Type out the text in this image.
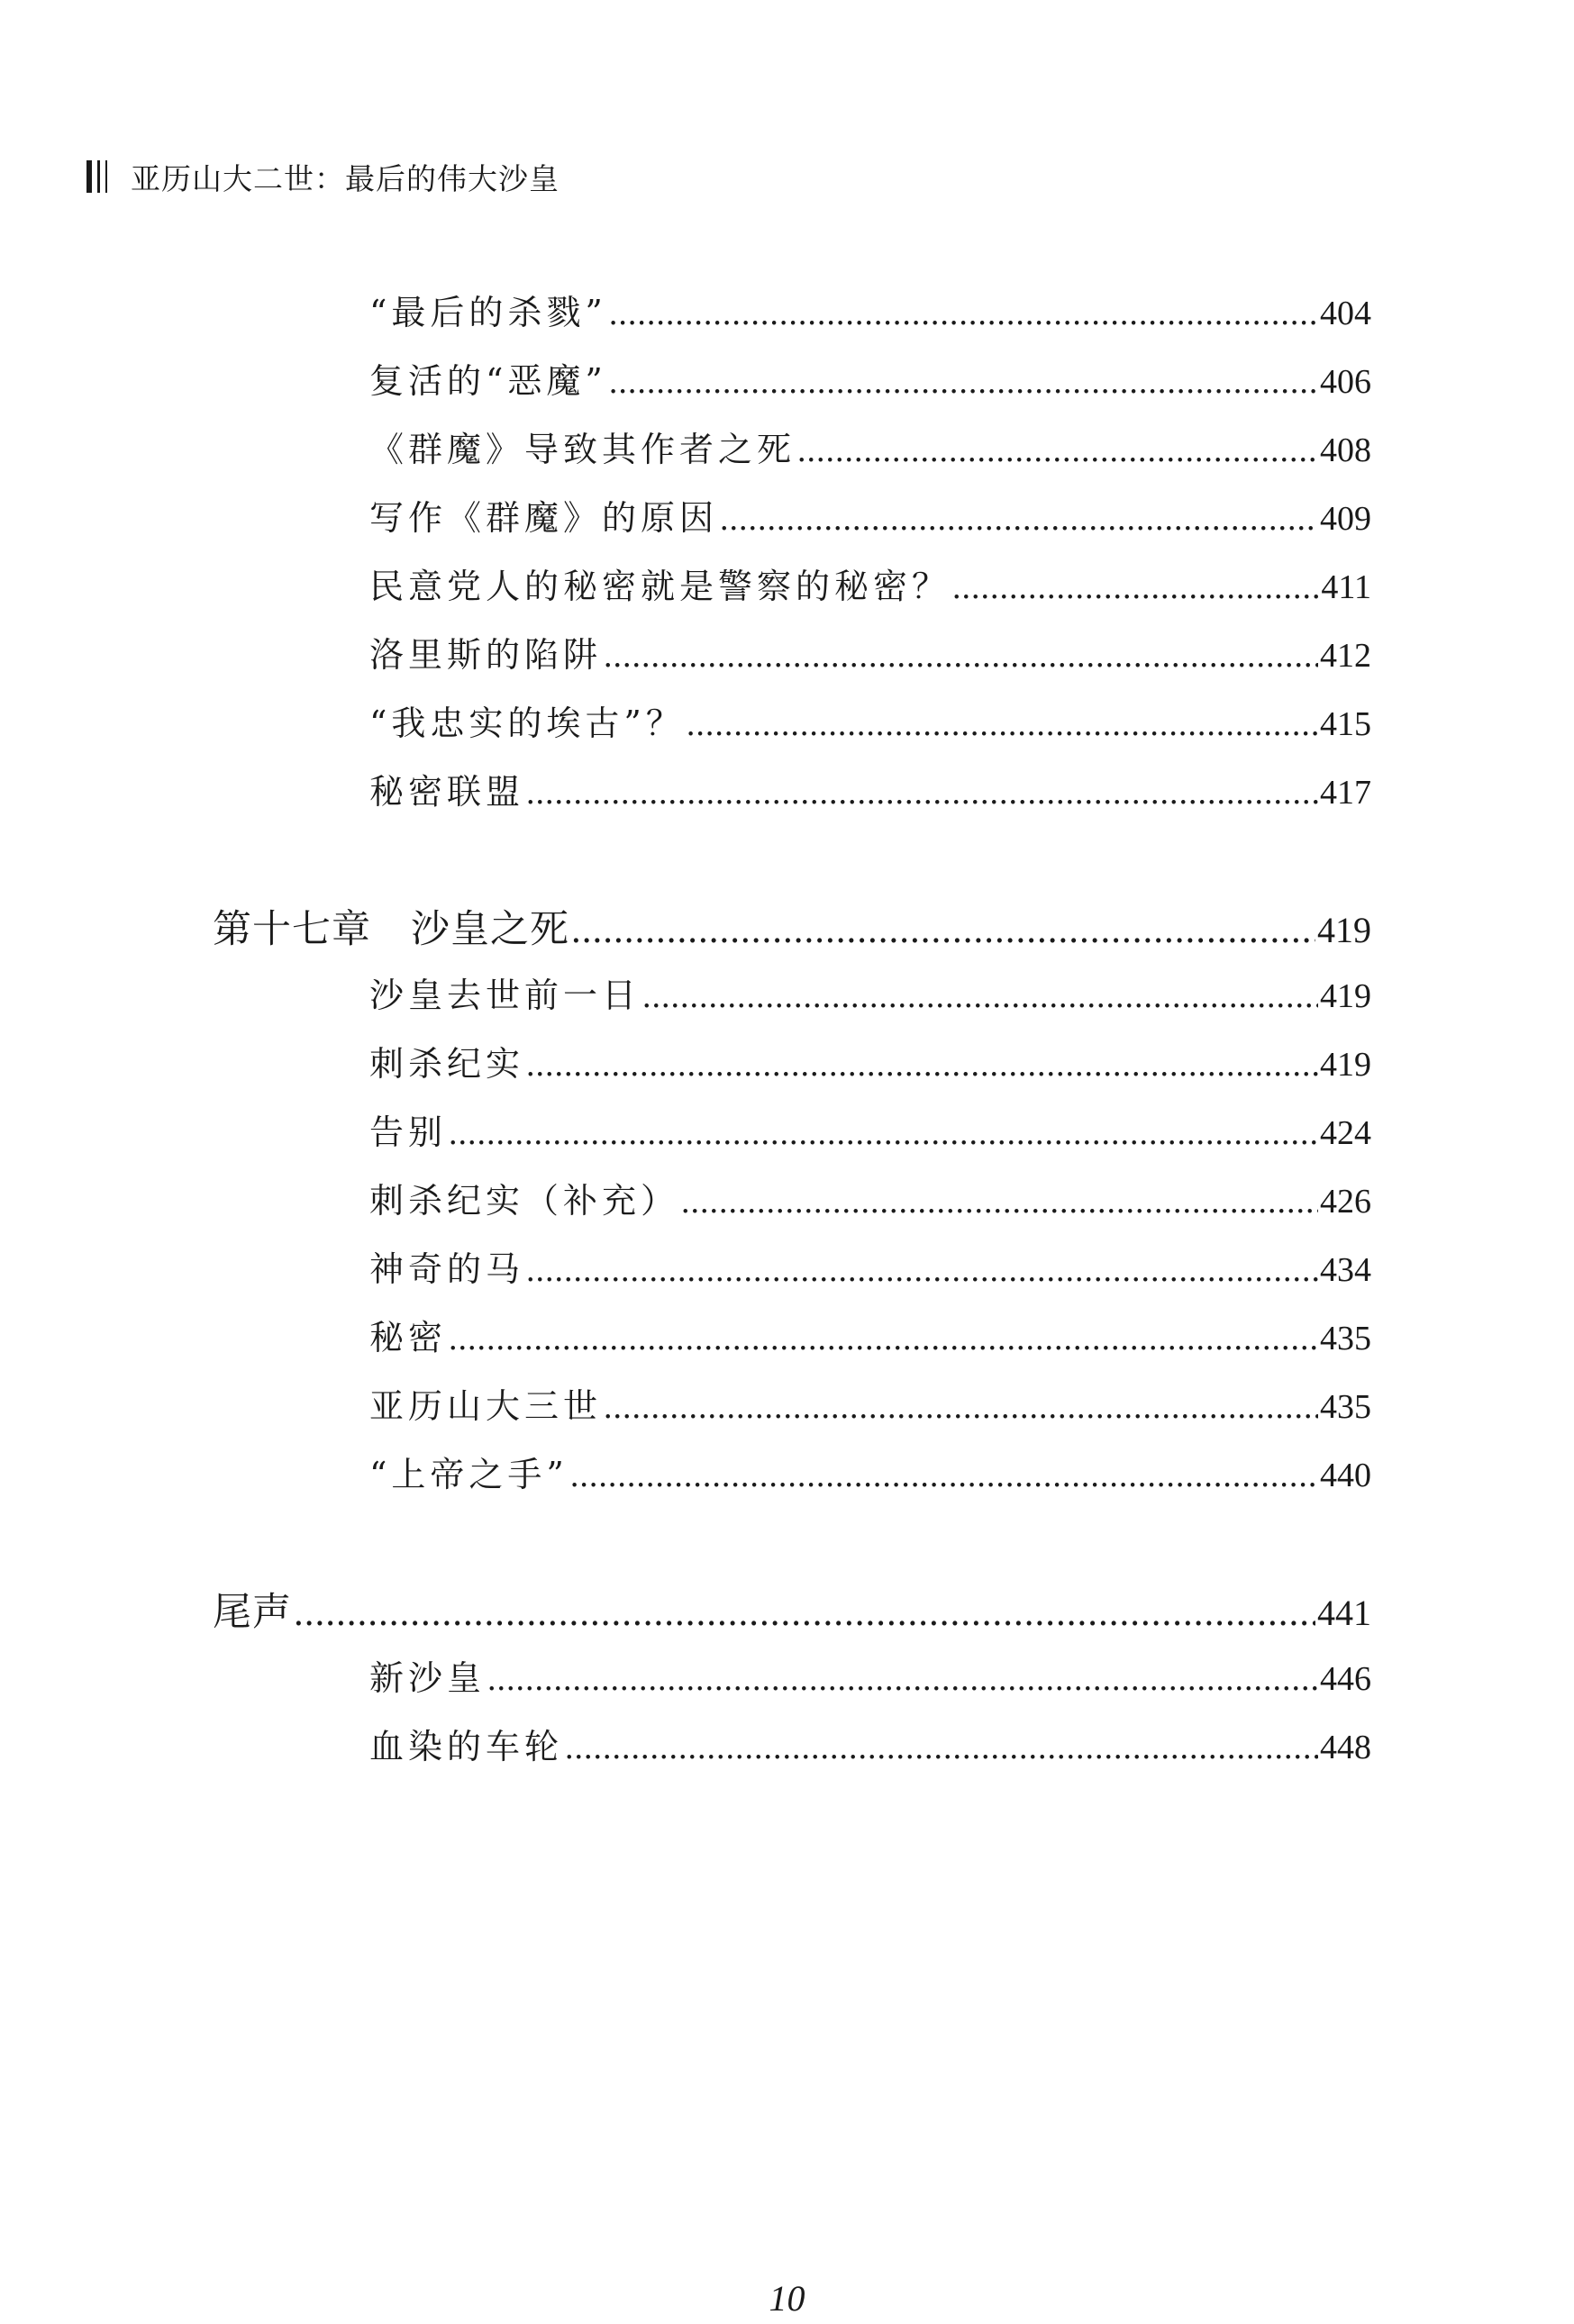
亚历山大二世：最后的伟大沙皇
“最后的杀戮” .....	404
复活的“恶魔” .....	406
《群魔》导致其作者之死 .....	408
写作《群魔》的原因 .....	409
民意党人的秘密就是警察的秘密？ .....	411
洛里斯的陷阱 .....	412
“我忠实的埃古”？ .....	415
秘密联盟 .....	417
第十七章　沙皇之死 .....	419
沙皇去世前一日 .....	419
刺杀纪实 .....	419
告别 .....	424
刺杀纪实（补充） .....	426
神奇的马 .....	434
秘密 .....	435
亚历山大三世 .....	435
“上帝之手” .....	440
尾声 .....	441
新沙皇 .....	446
血染的车轮 .....	448
10
